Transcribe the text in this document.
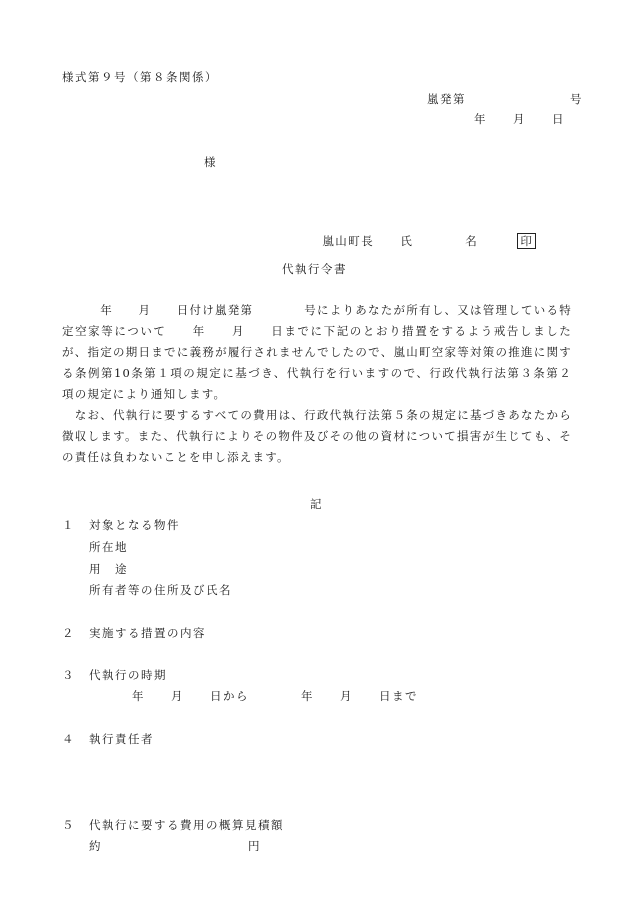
様式第９号（第８条関係）
嵐発第　　　　　　　　号
年　　月　　日
様

嵐山町長　　 氏　　　　名　　　	印

代執行令書
　　　年　　月　　日付け嵐発第　　　　号によりあなたが所有し、又は管理している特定空家等について　　年　　月　　日までに下記のとおり措置をするよう戒告しましたが、指定の期日までに義務が履行されませんでしたので、嵐山町空家等対策の推進に関する条例第10条第１項の規定に基づき、代執行を行いますので、行政代執行法第３条第２項の規定により通知します。
　なお、代執行に要するすべての費用は、行政代執行法第５条の規定に基づきあなたから徴収します。また、代執行によりその物件及びその他の資材について損害が生じても、その責任は負わないことを申し添えます。
記
１ 対象となる物件
所在地
用　途
所有者等の住所及び氏名
２ 実施する措置の内容
３ 代執行の時期
年　　月　　日から　　　　年　　月　　日まで
４ 執行責任者
５ 代執行に要する費用の概算見積額
約	円
